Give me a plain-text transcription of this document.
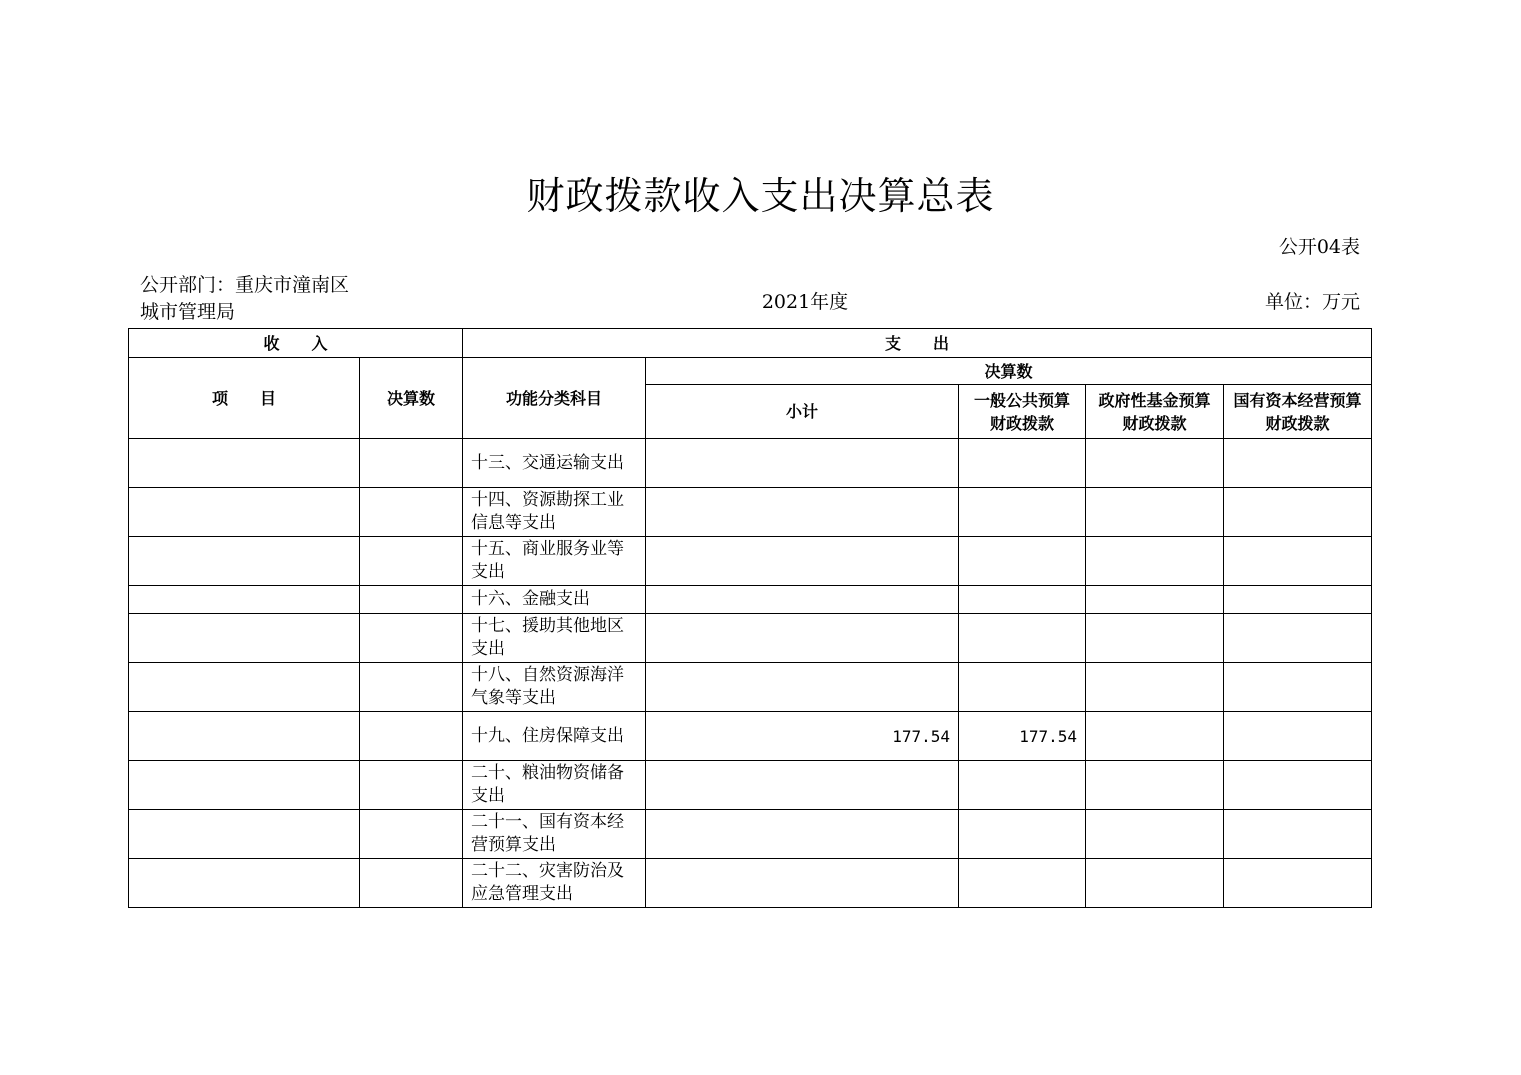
财政拨款收入支出决算总表
公开04表
公开部门：重庆市潼南区城市管理局	2021年度	单位：万元
收　　入		支　　出				
项　　目	决算数	功能分类科目	决算数			
			小计	一般公共预算财政拨款	政府性基金预算财政拨款	国有资本经营预算财政拨款
		十三、交通运输支出				
		十四、资源勘探工业信息等支出				
		十五、商业服务业等支出				
		十六、金融支出				
		十七、援助其他地区支出				
		十八、自然资源海洋气象等支出				
		十九、住房保障支出	177.54	177.54		
		二十、粮油物资储备支出				
		二十一、国有资本经营预算支出				
		二十二、灾害防治及应急管理支出				
